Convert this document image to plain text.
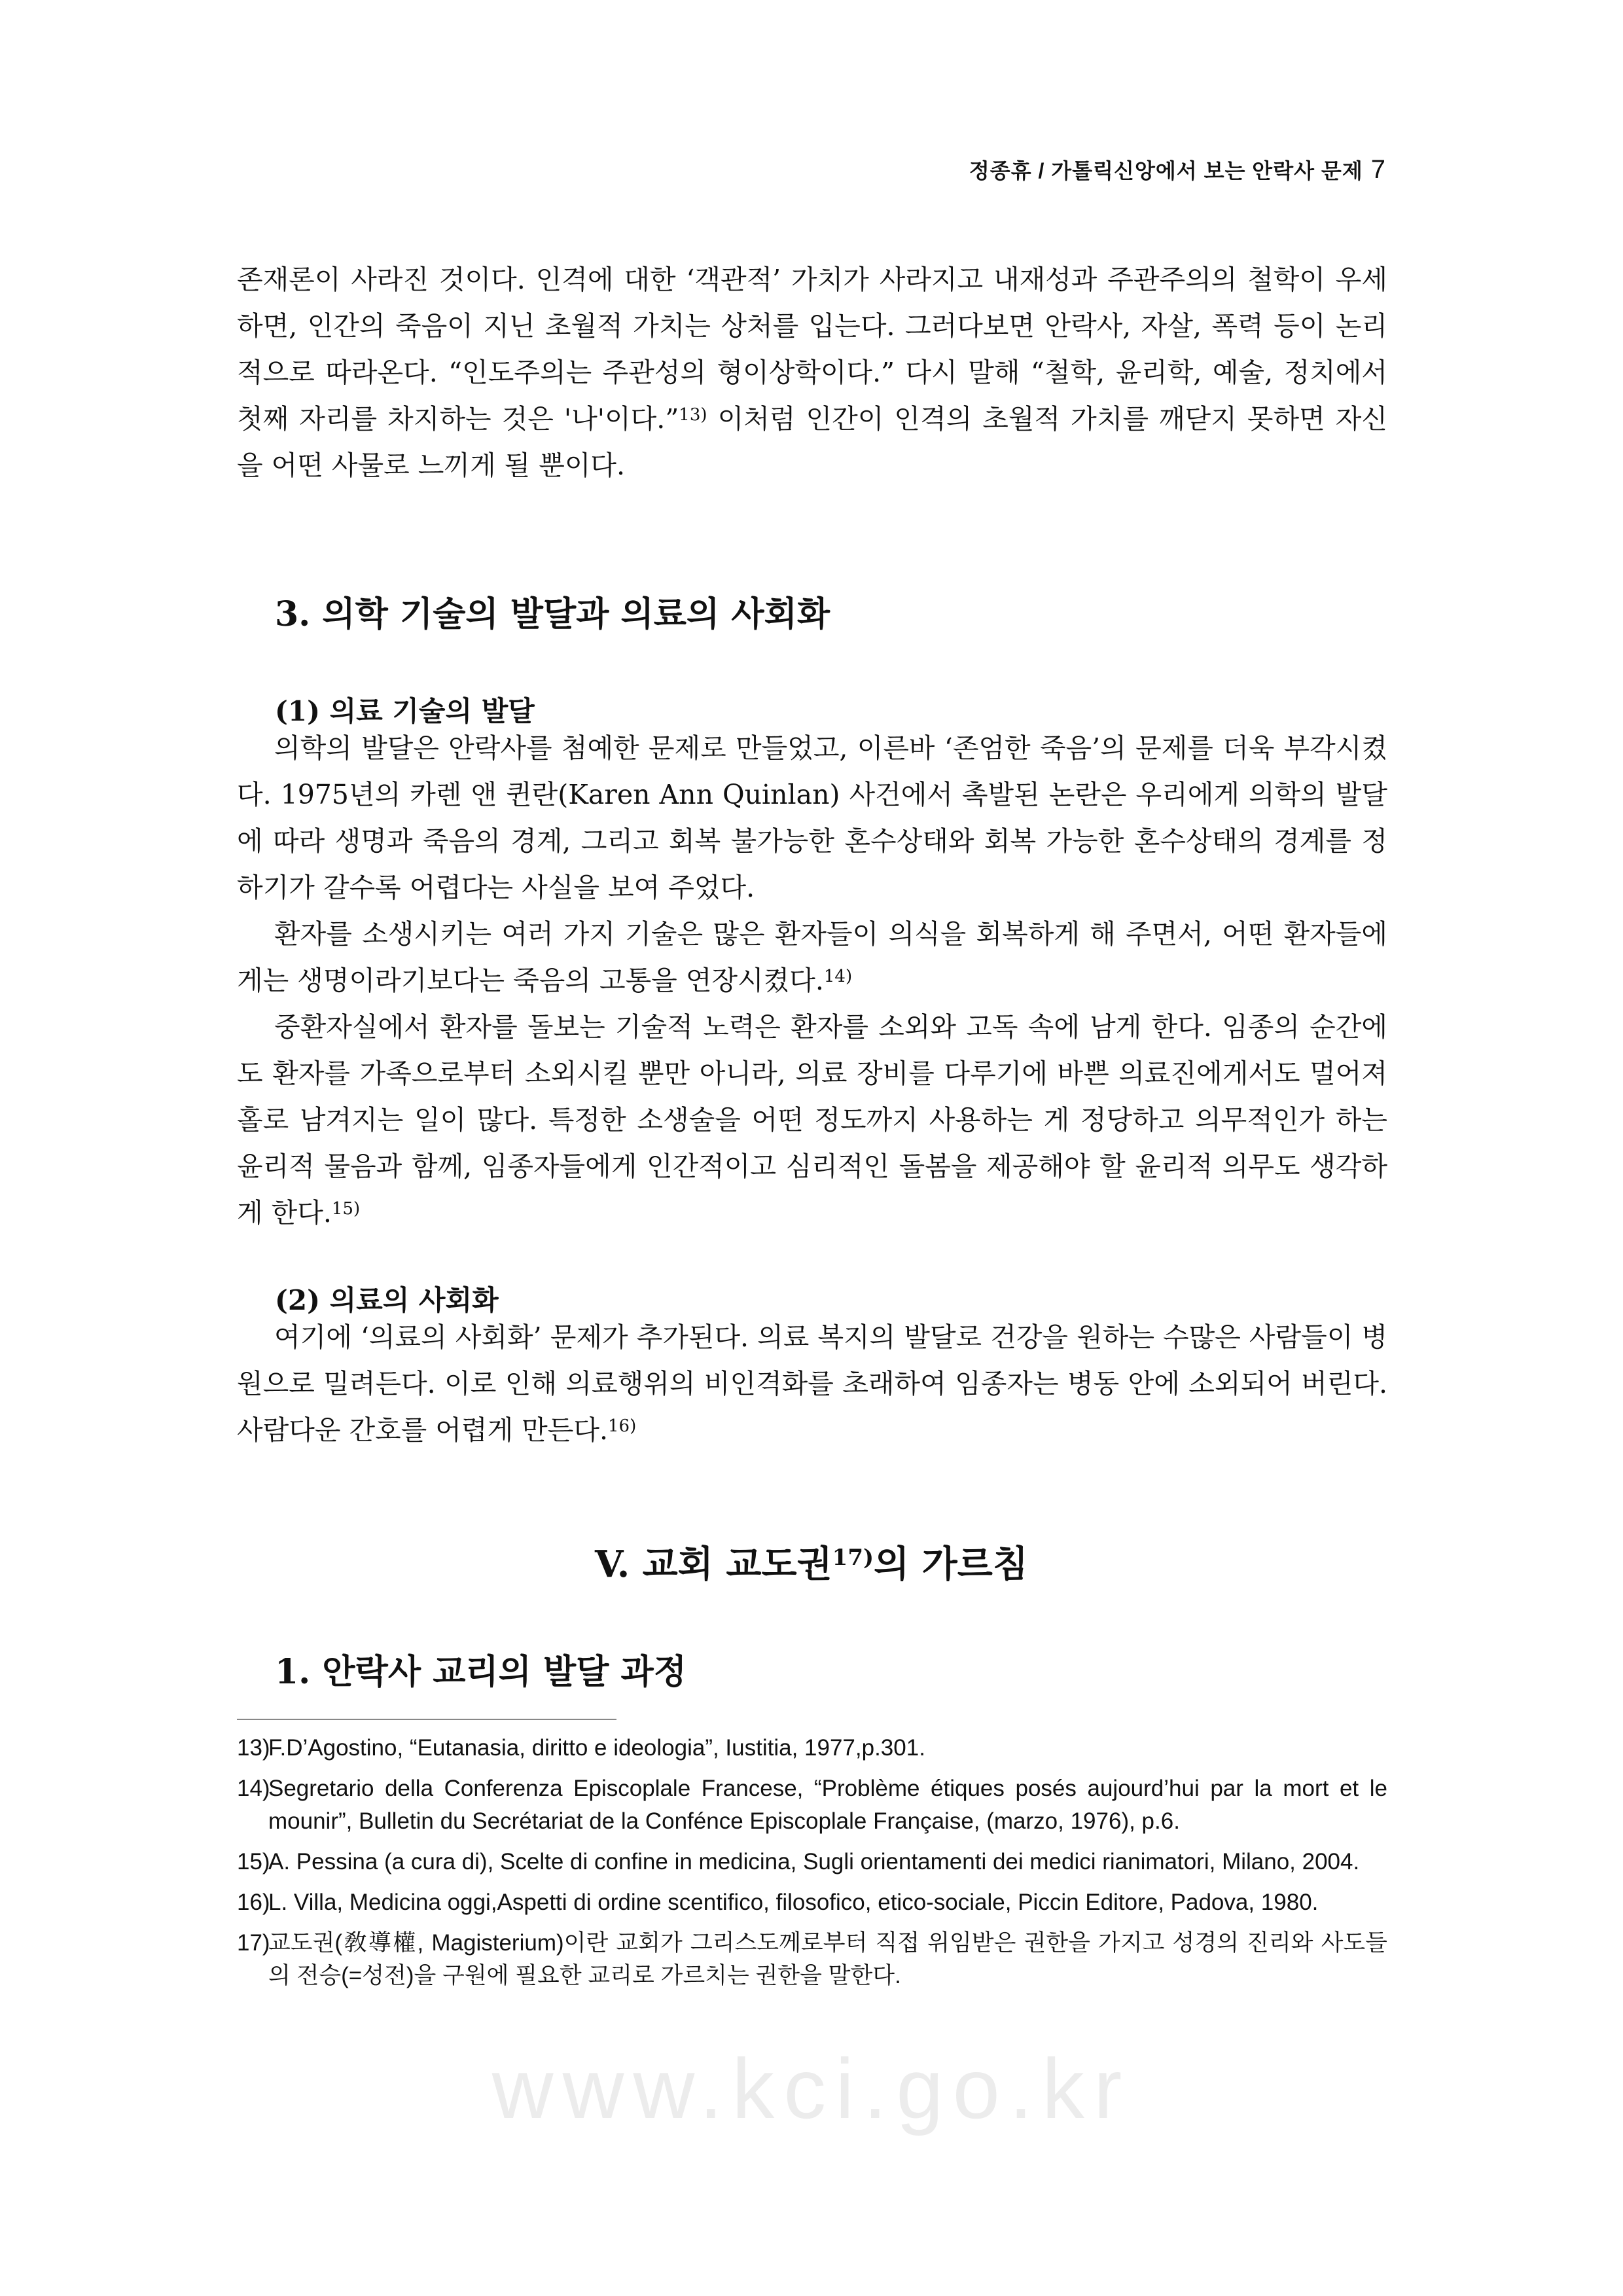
정종휴 / 가톨릭신앙에서 보는 안락사 문제 7

존재론이 사라진 것이다. 인격에 대한 ‘객관적’ 가치가 사라지고 내재성과 주관주의의 철학이 우세하면, 인간의 죽음이 지닌 초월적 가치는 상처를 입는다. 그러다보면 안락사, 자살, 폭력 등이 논리적으로 따라온다. “인도주의는 주관성의 형이상학이다.” 다시 말해 “철학, 윤리학, 예술, 정치에서 첫째 자리를 차지하는 것은 '나'이다.”$^{13)}$ 이처럼 인간이 인격의 초월적 가치를 깨닫지 못하면 자신을 어떤 사물로 느끼게 될 뿐이다.

3. 의학 기술의 발달과 의료의 사회화
(1) 의료 기술의 발달

의학의 발달은 안락사를 첨예한 문제로 만들었고, 이른바 ‘존엄한 죽음’의 문제를 더욱 부각시켰다. 1975년의 카렌 앤 퀸란(Karen Ann Quinlan) 사건에서 촉발된 논란은 우리에게 의학의 발달에 따라 생명과 죽음의 경계, 그리고 회복 불가능한 혼수상태와 회복 가능한 혼수상태의 경계를 정하기가 갈수록 어렵다는 사실을 보여 주었다.

환자를 소생시키는 여러 가지 기술은 많은 환자들이 의식을 회복하게 해 주면서, 어떤 환자들에게는 생명이라기보다는 죽음의 고통을 연장시켰다.$^{14)}$

중환자실에서 환자를 돌보는 기술적 노력은 환자를 소외와 고독 속에 남게 한다. 임종의 순간에도 환자를 가족으로부터 소외시킬 뿐만 아니라, 의료 장비를 다루기에 바쁜 의료진에게서도 멀어져 홀로 남겨지는 일이 많다. 특정한 소생술을 어떤 정도까지 사용하는 게 정당하고 의무적인가 하는 윤리적 물음과 함께, 임종자들에게 인간적이고 심리적인 돌봄을 제공해야 할 윤리적 의무도 생각하게 한다.$^{15)}$

(2) 의료의 사회화

여기에 ‘의료의 사회화’ 문제가 추가된다. 의료 복지의 발달로 건강을 원하는 수많은 사람들이 병원으로 밀려든다. 이로 인해 의료행위의 비인격화를 초래하여 임종자는 병동 안에 소외되어 버린다. 사람다운 간호를 어렵게 만든다.$^{16)}$

V. 교회 교도권$^{17)}$의 가르침
1. 안락사 교리의 발달 과정

13)F.D’Agostino, “Eutanasia, diritto e ideologia”, Iustitia, 1977,p.301.

14)Segretario della Conferenza Episcoplale Francese, “Problème étiques posés aujourd’hui par la mort et le mounir”, Bulletin du Secrétariat de la Conféncе Episcoplale Française, (marzo, 1976), p.6.

15)A. Pessina (a cura di), Scelte di confine in medicina, Sugli orientamenti dei medici rianimatori, Milano, 2004.

16)L. Villa, Medicina oggi,Aspetti di ordine scentifico, filosofico, etico-sociale, Piccin Editore, Padova, 1980.

17)교도권(敎導權, Magisterium)이란 교회가 그리스도께로부터 직접 위임받은 권한을 가지고 성경의 진리와 사도들의 전승(=성전)을 구원에 필요한 교리로 가르치는 권한을 말한다.

www.kci.go.kr
